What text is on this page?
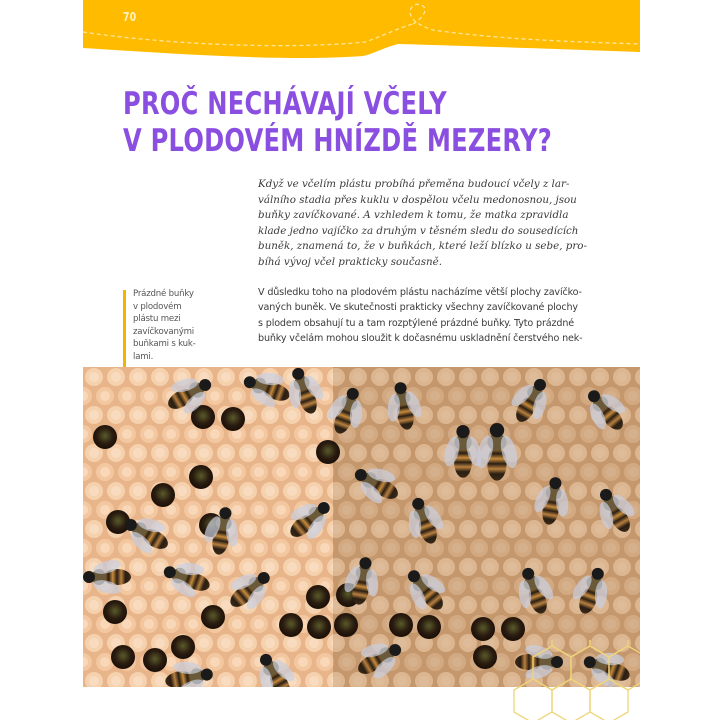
70
PROČ NECHÁVAJÍ VČELY
V PLODOVÉM HNÍZDĚ MEZERY?
Když ve včelím plástu probíhá přeměna budoucí včely z lar-
válního stadia přes kuklu v dospělou včelu medonosnou, jsou
buňky zavíčkované. A vzhledem k tomu, že matka zpravidla
klade jedno vajíčko za druhým v těsném sledu do sousedících
buněk, znamená to, že v buňkách, které leží blízko u sebe, pro-
bíhá vývoj včel prakticky současně.
V důsledku toho na plodovém plástu nacházíme větší plochy zavíčko-
vaných buněk. Ve skutečnosti prakticky všechny zavíčkované plochy
s plodem obsahují tu a tam rozptýlené prázdné buňky. Tyto prázdné
buňky včelám mohou sloužit k dočasnému uskladnění čerstvého nek-
Prázdné buňky
v plodovém
plástu mezi
zavíčkovanými
buňkami s kuk-
lami.
